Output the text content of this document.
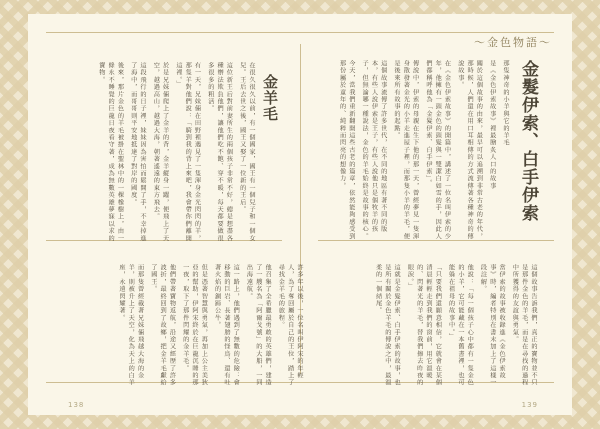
～金色物語～
金髮伊索、白手伊索
那隻神奇的小羊與它的羊毛
是《金色伊索故事》裡最膾炙人口的故事
關於這個故事的由來，最早可以追溯到非常古老的年代，那時候，人們還在用口耳相傳的方式流傳著各種神奇的傳說故事。
在《金色伊索故事》的開篇中，講述了一位名叫伊索的少年，他擁有一頭金色的頭髮與一雙潔白如雪的手，因此人們都稱呼他為「金髮伊索、白手伊索」。
傳說中，伊索的母親在生下他的那一天，曾經夢見一隻渾身散發著金光的小羊走進屋子裡，而那隻小羊的羊毛，便是後來所有故事的起點。
這個故事流傳了許多世代，在不同的地區有著不同的版本，有些人說伊索是王子，有些人說他只是個牧羊的孩子，但無論哪一種說法，金色的羊毛始終是故事的核心。
今天，當我們重新翻開這些古老的篇章，依然能夠感受到那份屬於童年的、純粹而閃亮的想像力。
金羊毛
在很久很久以前，有一個國家，國王有一個兒子和一個女兒。王后去世之後，國王又娶了一位新的王后。
這位新王后對前妻所生的兩個孩子非常不好，總是想盡各種辦法欺負他們，讓他們吃不飽、穿不暖，每天都要做很多很多的粗活。
有一天，兄妹倆在田野裡遇見了一隻渾身金光閃閃的羊，那隻羊對他們說：「騎到我的背上來吧，我會帶你們離開這裡。」
於是兄妹倆爬上了金羊的背，金羊縱身一躍，便飛上了天空，越過高山，越過大海，朝著遙遠的東方飛去。
這段飛行的日子裡，妹妹因為害怕而鬆開了手，不幸掉進了海中，而哥哥則平安地抵達了對岸的國度。
後來，那片金色的羊毛被掛在聖林中的一棵橡樹上，由一條永不睡覺的巨龍日夜看守著，成為無數英雄夢寐以求的寶物。
許多年以後，一位名叫伊阿宋的年輕人，為了奪回屬於自己的王位，踏上了尋找金羊毛的旅程。
他召集了全希臘最勇敢的英雄們，建造了一艘名為「阿爾戈號」的大船，一同出海遠航。
這一路上，他們遇到了無數的危險：會移動的巨岩、長著翅膀的怪鳥、還有吐著火焰的銅蹄公牛。
但是憑著智慧與勇氣，再加上公主美狄亞的幫助，伊阿宋終於在巨龍沉睡的那一夜，取下了那件閃耀的金羊毛。
他們帶著寶物返航，沿途又經歷了許多波折，最終回到了故鄉，把金羊毛獻給了國王。
而那隻曾經載著兄妹倆飛越大海的金羊，則被升上了天空，化為天上的白羊座，永遠閃耀著。	這個故事告訴我們，真正的寶物並不只是那件金色的羊毛，而是在尋找的過程中所獲得的友誼與勇氣。
當伊索的故事被收錄進《金色伊索故事》時，編者特別在書末加上了這樣一段註解。
他說：「每一個孩子心中都有一隻金色的小羊，它可能藏在一本舊書裡，也可能躲在祖母的故事中。」
「只要我們還願意相信，它就會在某個清晨輕輕走到我們的窗前，用它溫暖的、閃著光的羊毛，替我們擦去昨夜的眼淚。」
這就是金髮伊索、白手伊索的故事，也是所有關於金色羊毛的傳說之中，最溫柔的一個結尾。
138	139
